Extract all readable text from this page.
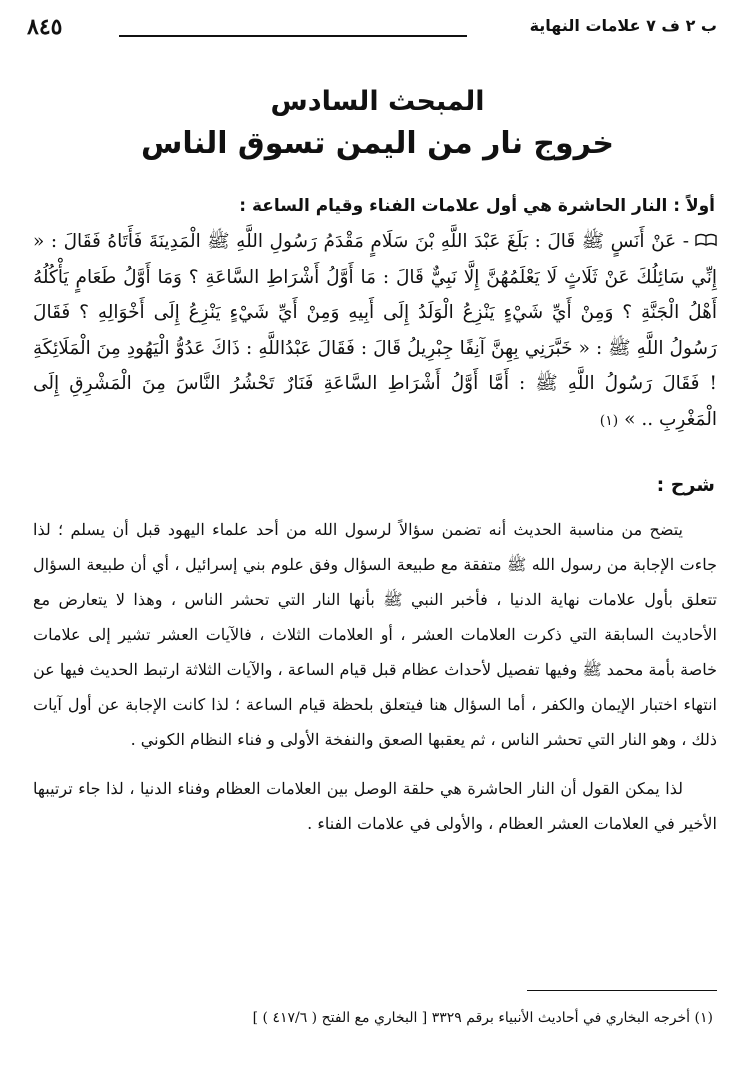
ب ٢ ف ٧ علامات النهاية
٨٤٥
المبحث السادس
خروج نار من اليمن تسوق الناس
أولاً : النار الحاشرة هي أول علامات الفناء وقيام الساعة :

- عَنْ أَنَسٍ ﷺ قَالَ : بَلَغَ عَبْدَ اللَّهِ بْنَ سَلَامٍ مَقْدَمُ رَسُولِ اللَّهِ ﷺ الْمَدِينَةَ فَأَتَاهُ فَقَالَ : « إِنِّي سَائِلُكَ عَنْ ثَلَاثٍ لَا يَعْلَمُهُنَّ إِلَّا نَبِيٌّ قَالَ : مَا أَوَّلُ أَشْرَاطِ السَّاعَةِ ؟ وَمَا أَوَّلُ طَعَامٍ يَأْكُلُهُ أَهْلُ الْجَنَّةِ ؟ وَمِنْ أَيِّ شَيْءٍ يَنْزِعُ الْوَلَدُ إِلَى أَبِيهِ وَمِنْ أَيِّ شَيْءٍ يَنْزِعُ إِلَى أَخْوَالِهِ ؟ فَقَالَ رَسُولُ اللَّهِ ﷺ : « خَبَّرَنِي بِهِنَّ آنِفًا جِبْرِيلُ قَالَ : فَقَالَ عَبْدُاللَّهِ : ذَاكَ عَدُوُّ الْيَهُودِ مِنَ الْمَلَائِكَةِ ! فَقَالَ رَسُولُ اللَّهِ ﷺ : أَمَّا أَوَّلُ أَشْرَاطِ السَّاعَةِ فَنَارٌ تَحْشُرُ النَّاسَ مِنَ الْمَشْرِقِ إِلَى الْمَغْرِبِ .. » (١)

شرح :

يتضح من مناسبة الحديث أنه تضمن سؤالاً لرسول الله من أحد علماء اليهود قبل أن يسلم ؛ لذا جاءت الإجابة من رسول الله ﷺ متفقة مع طبيعة السؤال وفق علوم بني إسرائيل ، أي أن طبيعة السؤال تتعلق بأول علامات نهاية الدنيا ، فأخبر النبي ﷺ بأنها النار التي تحشر الناس ، وهذا لا يتعارض مع الأحاديث السابقة التي ذكرت العلامات العشر ، أو العلامات الثلاث ، فالآيات العشر تشير إلى علامات خاصة بأمة محمد ﷺ وفيها تفصيل لأحداث عظام قبل قيام الساعة ، والآيات الثلاثة ارتبط الحديث فيها عن انتهاء اختبار الإيمان والكفر ، أما السؤال هنا فيتعلق بلحظة قيام الساعة ؛ لذا كانت الإجابة عن أول آيات ذلك ، وهو النار التي تحشر الناس ، ثم يعقبها الصعق والنفخة الأولى و فناء النظام الكوني .

لذا يمكن القول أن النار الحاشرة هي حلقة الوصل بين العلامات العظام وفناء الدنيا ، لذا جاء ترتيبها الأخير في العلامات العشر العظام ، والأولى في علامات الفناء .

(١) أخرجه البخاري في أحاديث الأنبياء برقم ٣٣٢٩ [ البخاري مع الفتح ( ٤١٧/٦ ) ]
